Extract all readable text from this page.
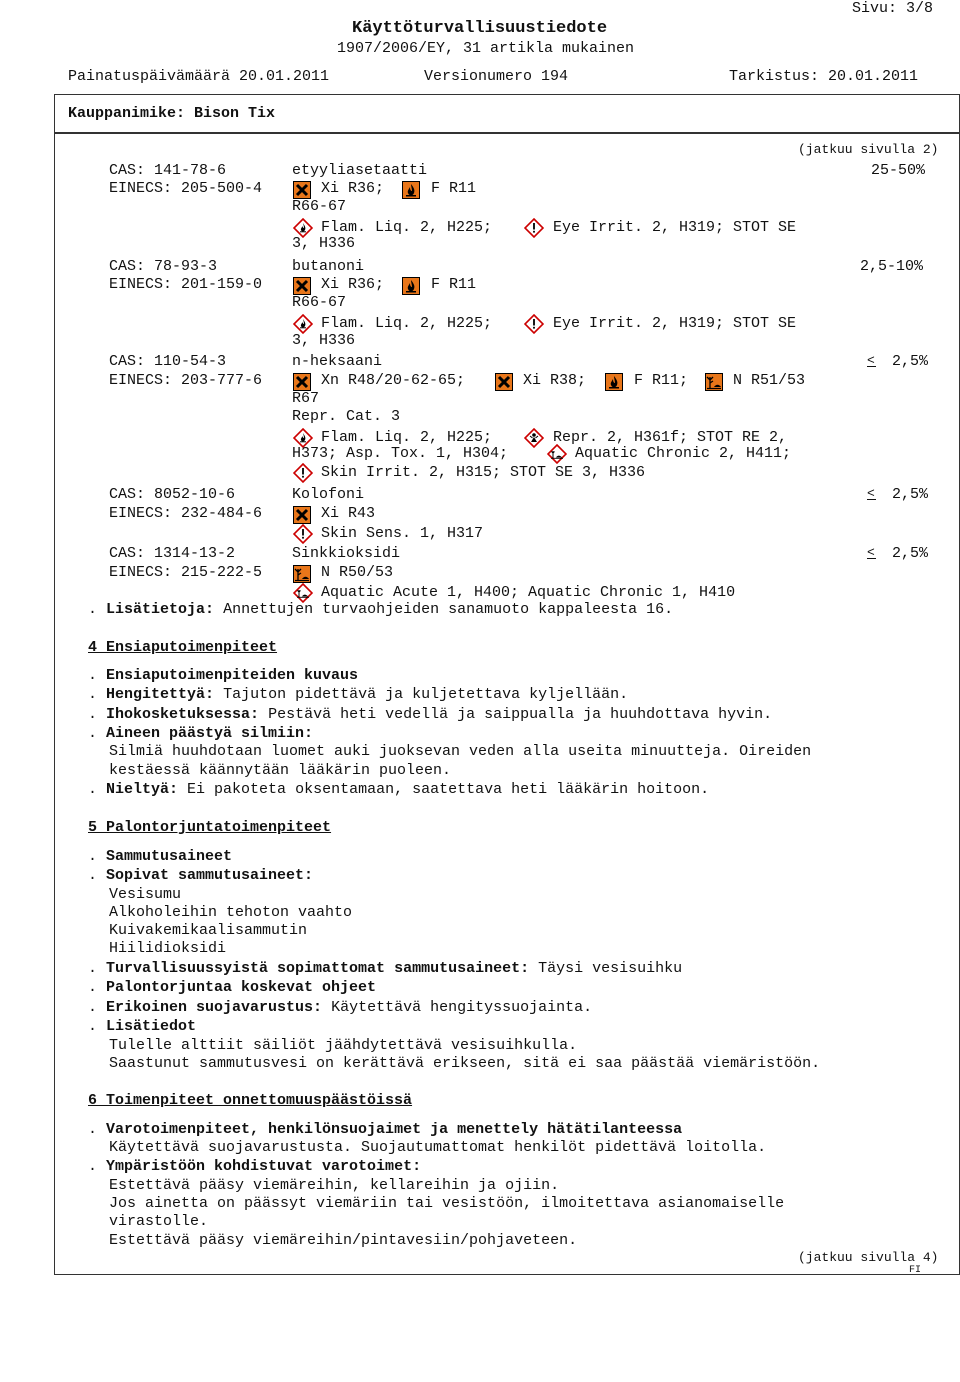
Sivu: 3/8
Käyttöturvallisuustiedote
1907/2006/EY, 31 artikla mukainen
Painatuspäivämäärä 20.01.2011	Versionumero 194	Tarkistus: 20.01.2011
Kauppanimike: Bison Tix
(jatkuu sivulla 2)
CAS: 141-78-6	etyyliasetaatti	25-50%
EINECS: 205-500-4	Xi R36;	F R11
R66-67
Flam. Liq. 2, H225;	Eye Irrit. 2, H319; STOT SE
3, H336
CAS: 78-93-3	butanoni	2,5-10%
EINECS: 201-159-0	Xi R36;	F R11
R66-67
Flam. Liq. 2, H225;	Eye Irrit. 2, H319; STOT SE
3, H336
CAS: 110-54-3	n-heksaani	< 2,5%
EINECS: 203-777-6	Xn R48/20-62-65;	Xi R38;	F R11;	N R51/53
R67
Repr. Cat. 3
Flam. Liq. 2, H225;	Repr. 2, H361f; STOT RE 2,
H373; Asp. Tox. 1, H304;	Aquatic Chronic 2, H411;
Skin Irrit. 2, H315; STOT SE 3, H336
CAS: 8052-10-6	Kolofoni	< 2,5%
EINECS: 232-484-6	Xi R43
Skin Sens. 1, H317
CAS: 1314-13-2	Sinkkioksidi	< 2,5%
EINECS: 215-222-5	N R50/53
Aquatic Acute 1, H400; Aquatic Chronic 1, H410
. Lisätietoja: Annettujen turvaohjeiden sanamuoto kappaleesta 16.
4 Ensiaputoimenpiteet
. Ensiaputoimenpiteiden kuvaus
. Hengitettyä: Tajuton pidettävä ja kuljetettava kyljellään.
. Ihokosketuksessa: Pestävä heti vedellä ja saippualla ja huuhdottava hyvin.
. Aineen päästyä silmiin:
Silmiä huuhdotaan luomet auki juoksevan veden alla useita minuutteja. Oireiden
kestäessä käännytään lääkärin puoleen.
. Nieltyä: Ei pakoteta oksentamaan, saatettava heti lääkärin hoitoon.
5 Palontorjuntatoimenpiteet
. Sammutusaineet
. Sopivat sammutusaineet:
Vesisumu
Alkoholeihin tehoton vaahto
Kuivakemikaalisammutin
Hiilidioksidi
. Turvallisuussyistä sopimattomat sammutusaineet: Täysi vesisuihku
. Palontorjuntaa koskevat ohjeet
. Erikoinen suojavarustus: Käytettävä hengityssuojainta.
. Lisätiedot
Tulelle alttiit säiliöt jäähdytettävä vesisuihkulla.
Saastunut sammutusvesi on kerättävä erikseen, sitä ei saa päästää viemäristöön.
6 Toimenpiteet onnettomuuspäästöissä
. Varotoimenpiteet, henkilönsuojaimet ja menettely hätätilanteessa
Käytettävä suojavarustusta. Suojautumattomat henkilöt pidettävä loitolla.
. Ympäristöön kohdistuvat varotoimet:
Estettävä pääsy viemäreihin, kellareihin ja ojiin.
Jos ainetta on päässyt viemäriin tai vesistöön, ilmoitettava asianomaiselle
virastolle.
Estettävä pääsy viemäreihin/pintavesiin/pohjaveteen.
(jatkuu sivulla 4)
FI
